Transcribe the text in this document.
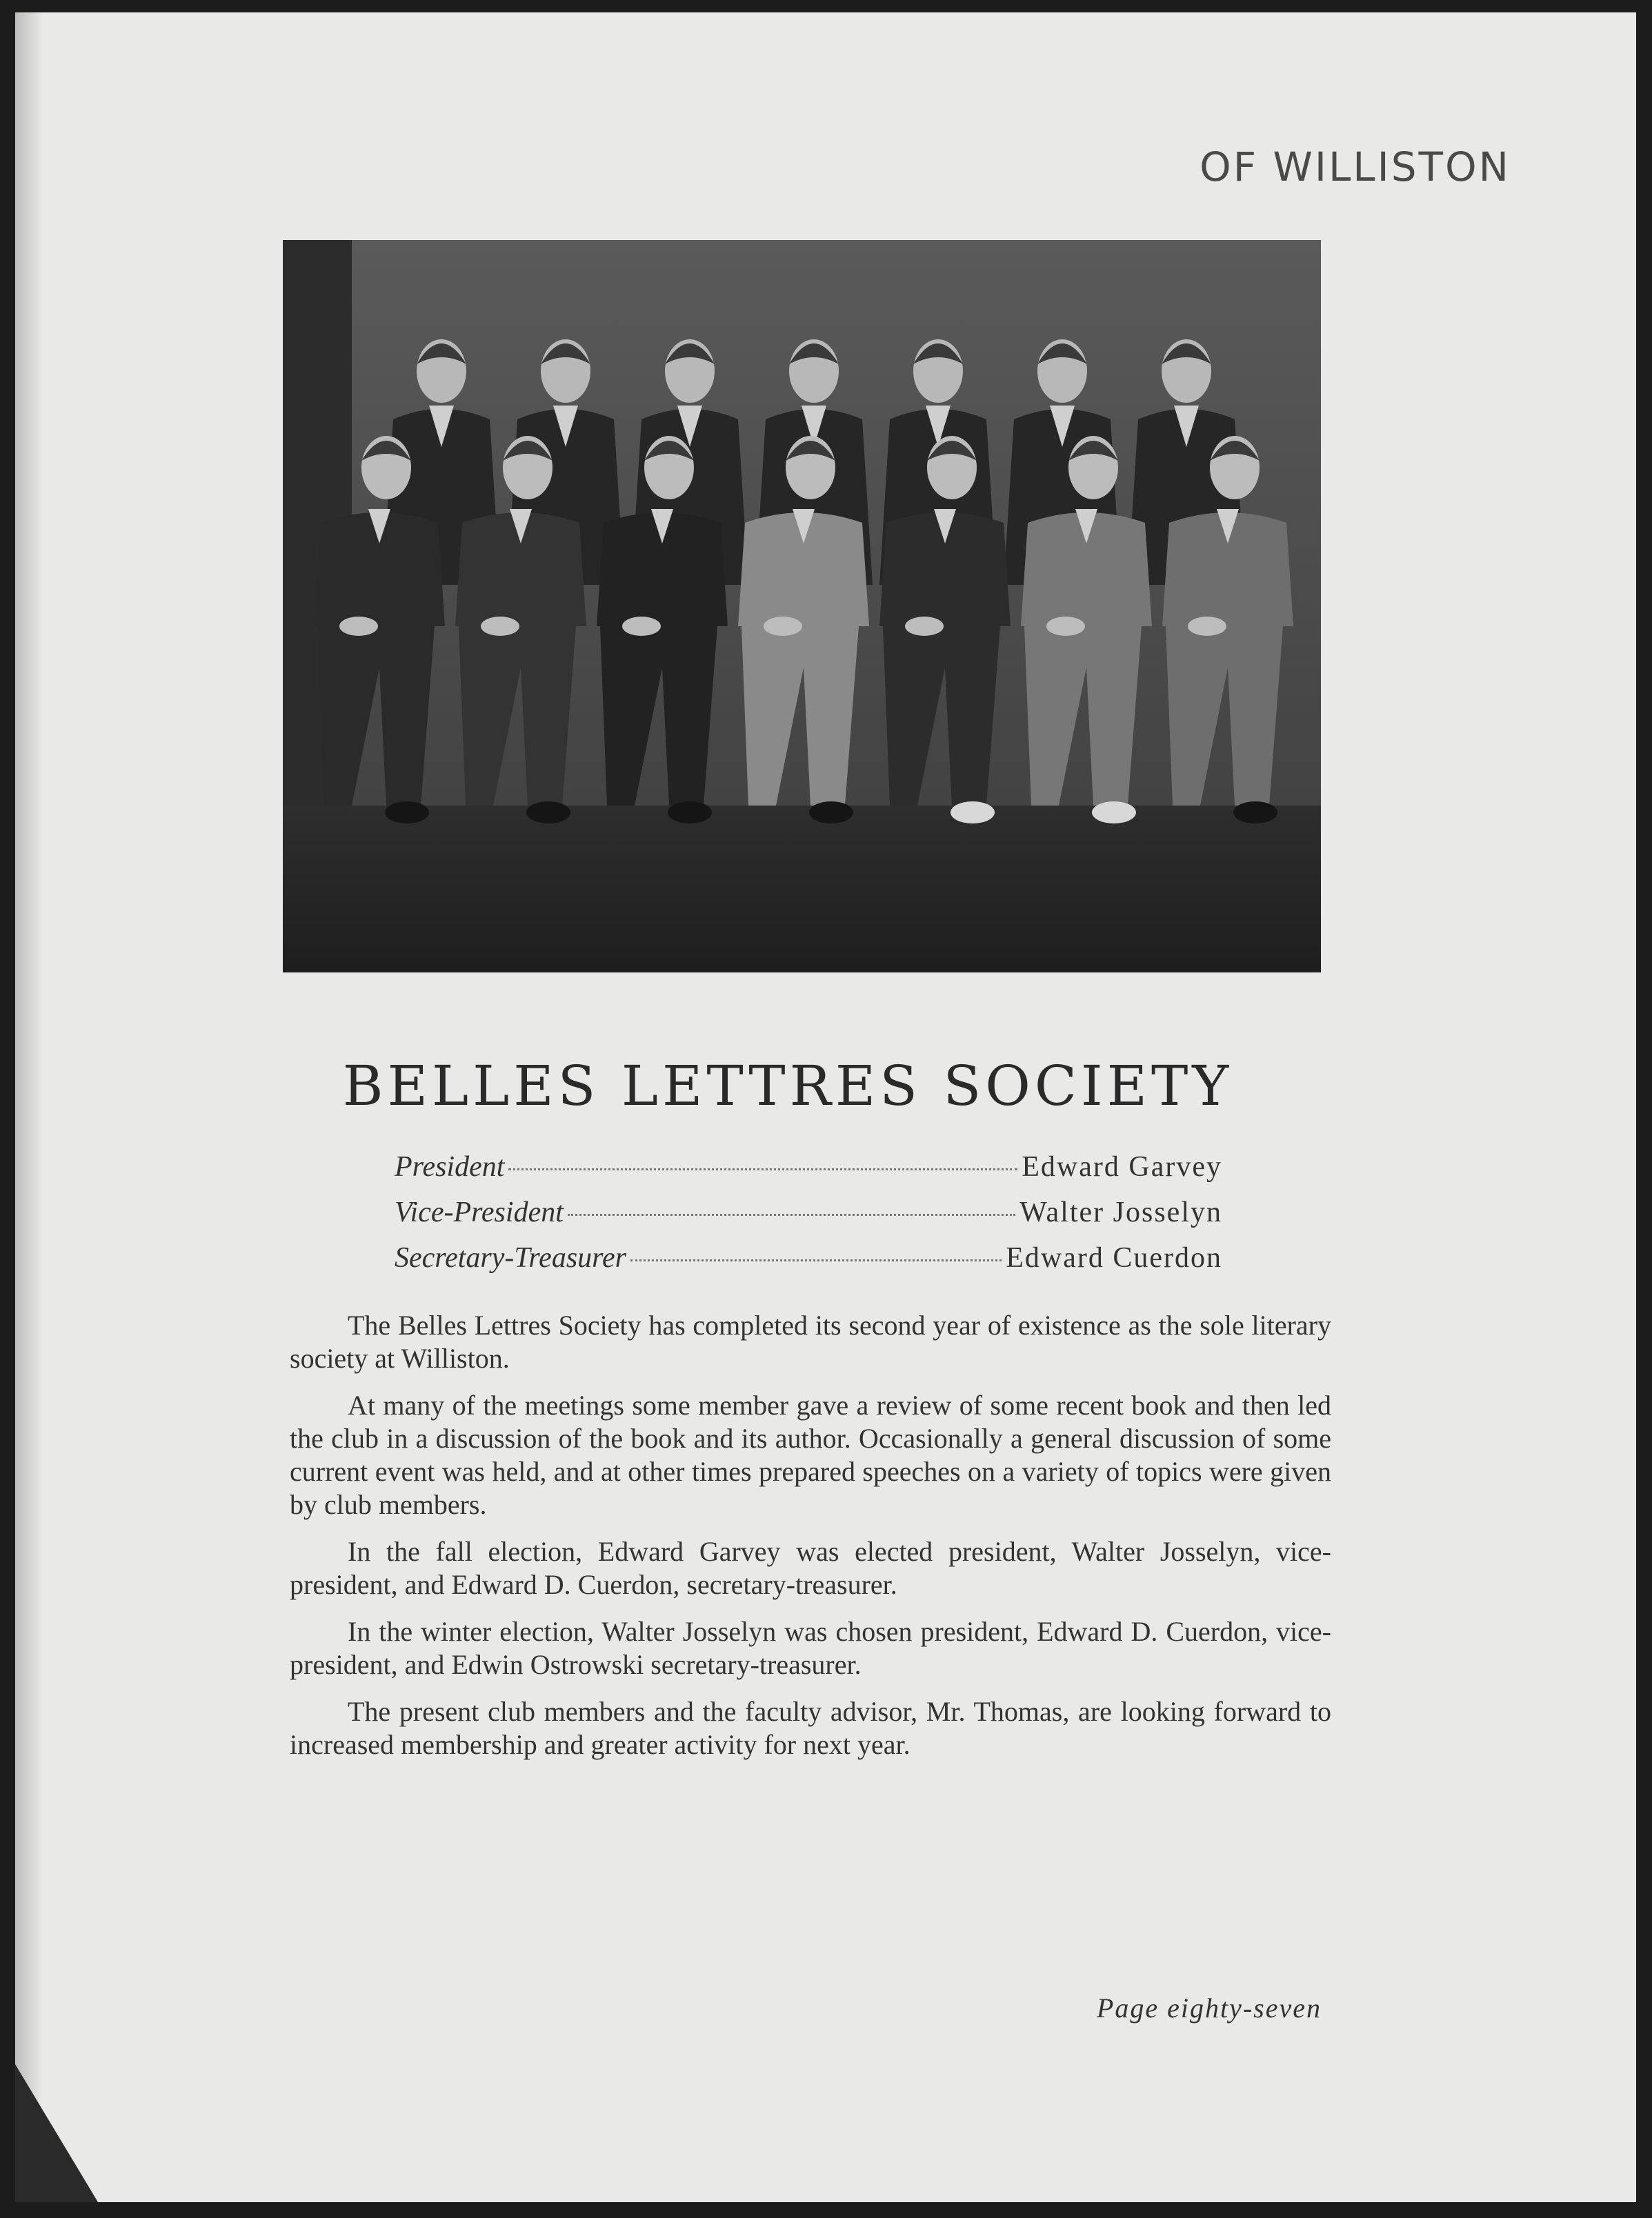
OF WILLISTON
BELLES LETTRES SOCIETY
President	Edward Garvey
Vice-President	Walter Josselyn
Secretary-Treasurer	Edward Cuerdon

The Belles Lettres Society has completed its second year of existence as the sole literary society at Williston.

At many of the meetings some member gave a review of some recent book and then led the club in a discussion of the book and its author. Occasionally a general discussion of some current event was held, and at other times prepared speeches on a variety of topics were given by club members.

In the fall election, Edward Garvey was elected president, Walter Josselyn, vice-president, and Edward D. Cuerdon, secretary-treasurer.

In the winter election, Walter Josselyn was chosen president, Edward D. Cuerdon, vice-president, and Edwin Ostrowski secretary-treasurer.

The present club members and the faculty advisor, Mr. Thomas, are looking forward to increased membership and greater activity for next year.

Page eighty-seven
